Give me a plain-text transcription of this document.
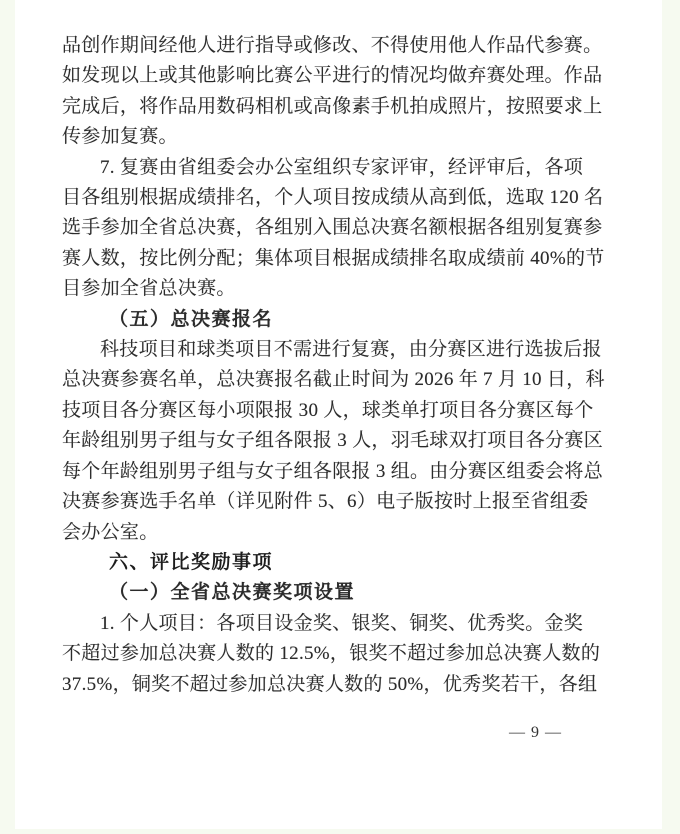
品创作期间经他人进行指导或修改、不得使用他人作品代参赛。
如发现以上或其他影响比赛公平进行的情况均做弃赛处理。作品
完成后，将作品用数码相机或高像素手机拍成照片，按照要求上
传参加复赛。
7. 复赛由省组委会办公室组织专家评审，经评审后，各项
目各组别根据成绩排名，个人项目按成绩从高到低，选取 120 名
选手参加全省总决赛，各组别入围总决赛名额根据各组别复赛参
赛人数，按比例分配；集体项目根据成绩排名取成绩前 40%的节
目参加全省总决赛。
（五）总决赛报名
科技项目和球类项目不需进行复赛，由分赛区进行选拔后报
总决赛参赛名单，总决赛报名截止时间为 2026 年 7 月 10 日，科
技项目各分赛区每小项限报 30 人，球类单打项目各分赛区每个
年龄组别男子组与女子组各限报 3 人，羽毛球双打项目各分赛区
每个年龄组别男子组与女子组各限报 3 组。由分赛区组委会将总
决赛参赛选手名单（详见附件 5、6）电子版按时上报至省组委
会办公室。
六、评比奖励事项
（一）全省总决赛奖项设置
1. 个人项目：各项目设金奖、银奖、铜奖、优秀奖。金奖
不超过参加总决赛人数的 12.5%，银奖不超过参加总决赛人数的
37.5%，铜奖不超过参加总决赛人数的 50%，优秀奖若干，各组
— 9 —
